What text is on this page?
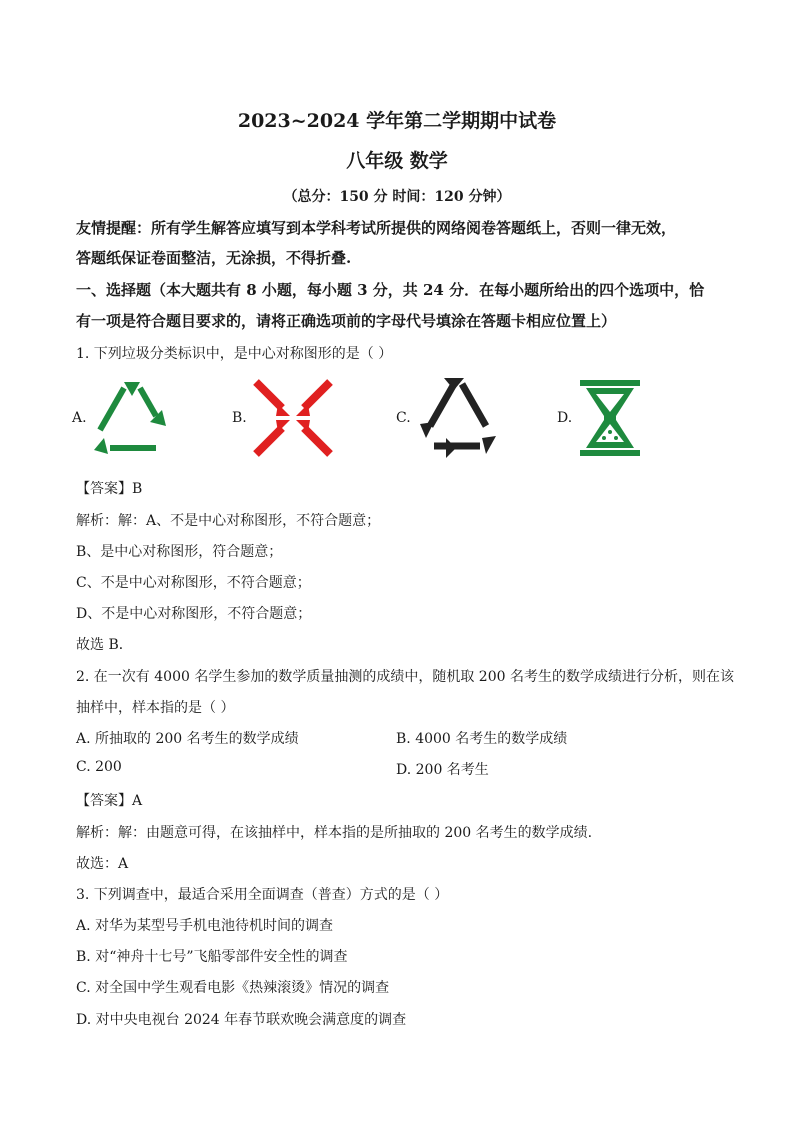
2023~2024 学年第二学期期中试卷
八年级 数学
（总分：150 分 时间：120 分钟）
友情提醒：所有学生解答应填写到本学科考试所提供的网络阅卷答题纸上，否则一律无效，
答题纸保证卷面整洁，无涂损，不得折叠.
一、选择题（本大题共有 8 小题，每小题 3 分，共 24 分．在每小题所给出的四个选项中，恰
有一项是符合题目要求的，请将正确选项前的字母代号填涂在答题卡相应位置上）
1. 下列垃圾分类标识中，是中心对称图形的是（ ）
A.	B.	C.	D.
【答案】B
解析：解：A、不是中心对称图形，不符合题意；
B、是中心对称图形，符合题意；
C、不是中心对称图形，不符合题意；
D、不是中心对称图形，不符合题意；
故选 B．
2. 在一次有 4000 名学生参加的数学质量抽测的成绩中，随机取 200 名考生的数学成绩进行分析，则在该
抽样中，样本指的是（ ）
A. 所抽取的 200 名考生的数学成绩	B. 4000 名考生的数学成绩
C. 200	D. 200 名考生
【答案】A
解析：解：由题意可得，在该抽样中，样本指的是所抽取的 200 名考生的数学成绩.
故选：A
3. 下列调查中，最适合采用全面调查（普查）方式的是（ ）
A. 对华为某型号手机电池待机时间的调查
B. 对“神舟十七号”飞船零部件安全性的调查
C. 对全国中学生观看电影《热辣滚烫》情况的调查
D. 对中央电视台 2024 年春节联欢晚会满意度的调查
